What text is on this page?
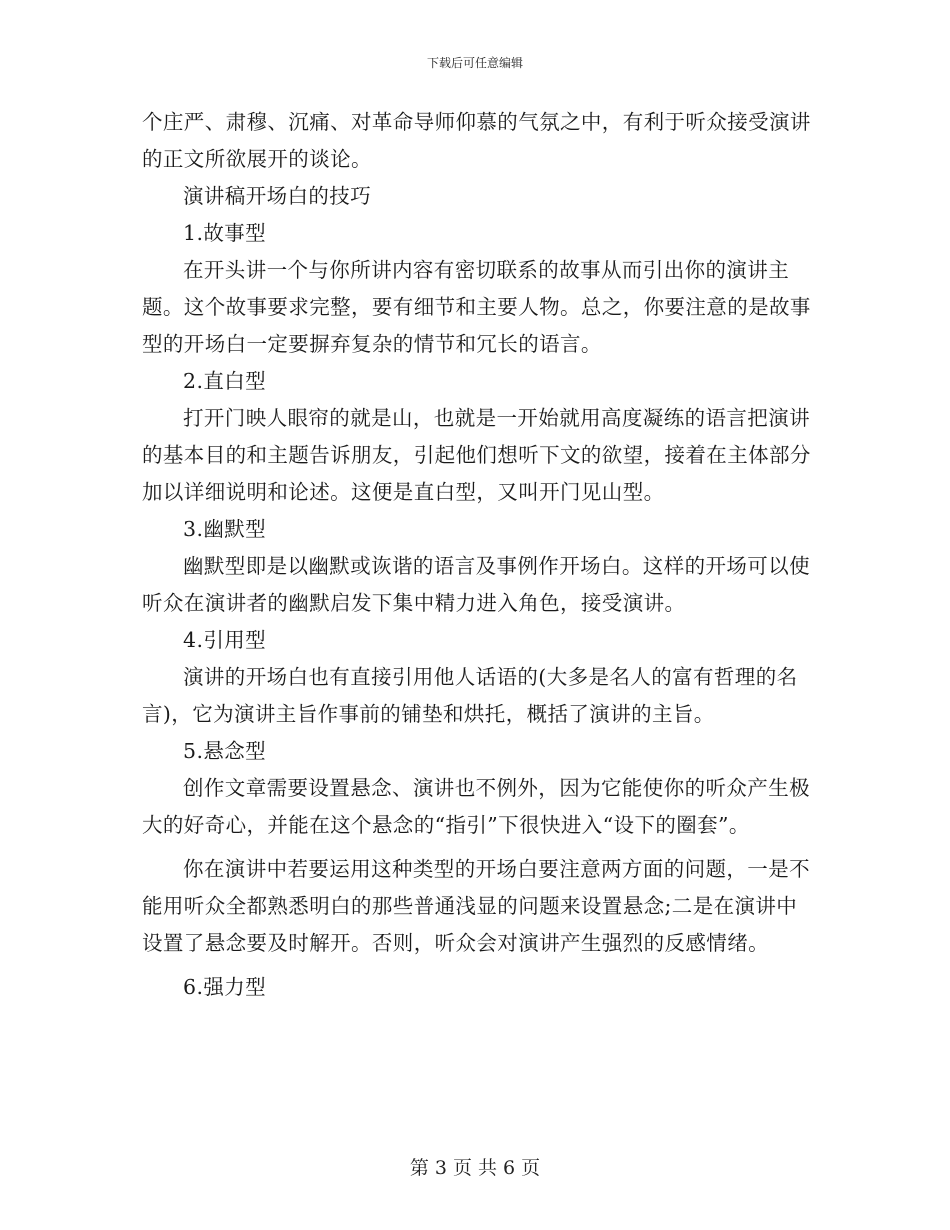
下载后可任意编辑

个庄严、肃穆、沉痛、对革命导师仰慕的气氛之中，有利于听众接受演讲的正文所欲展开的谈论。

演讲稿开场白的技巧

1.故事型

在开头讲一个与你所讲内容有密切联系的故事从而引出你的演讲主题。这个故事要求完整，要有细节和主要人物。总之，你要注意的是故事型的开场白一定要摒弃复杂的情节和冗长的语言。

2.直白型

打开门映人眼帘的就是山，也就是一开始就用高度凝练的语言把演讲的基本目的和主题告诉朋友，引起他们想听下文的欲望，接着在主体部分加以详细说明和论述。这便是直白型，又叫开门见山型。

3.幽默型

幽默型即是以幽默或诙谐的语言及事例作开场白。这样的开场可以使听众在演讲者的幽默启发下集中精力进入角色，接受演讲。

4.引用型

演讲的开场白也有直接引用他人话语的(大多是名人的富有哲理的名言)，它为演讲主旨作事前的铺垫和烘托，概括了演讲的主旨。

5.悬念型

创作文章需要设置悬念、演讲也不例外，因为它能使你的听众产生极大的好奇心，并能在这个悬念的“指引”下很快进入“设下的圈套”。

你在演讲中若要运用这种类型的开场白要注意两方面的问题，一是不能用听众全都熟悉明白的那些普通浅显的问题来设置悬念;二是在演讲中设置了悬念要及时解开。否则，听众会对演讲产生强烈的反感情绪。

6.强力型

第 3 页 共 6 页
